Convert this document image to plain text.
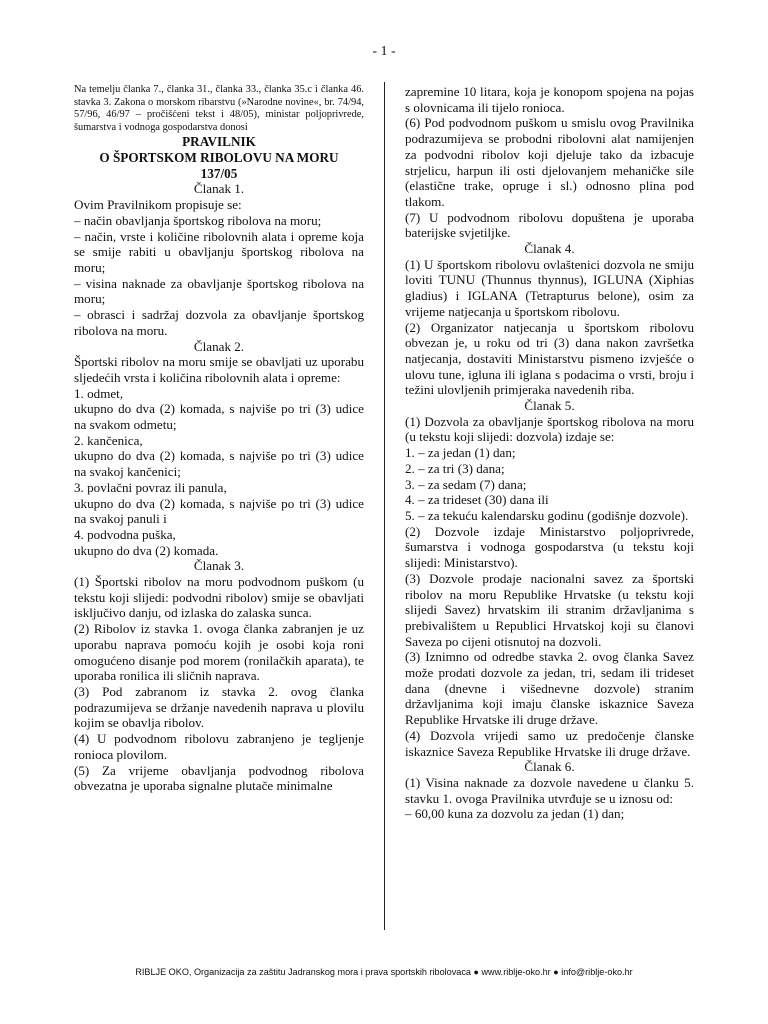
- 1 -

Na temelju članka 7., članka 31., članka 33., članka 35.c i članka 46. stavka 3. Zakona o morskom ribarstvu (»Narodne novine«, br. 74/94, 57/96, 46/97 – pročišćeni tekst i 48/05), ministar poljoprivrede, šumarstva i vodnoga gospodarstva donosi

PRAVILNIK

O ŠPORTSKOM RIBOLOVU NA MORU

137/05

Članak 1.

Ovim Pravilnikom propisuje se:

– način obavljanja športskog ribolova na moru;

– način, vrste i količine ribolovnih alata i opreme koja se smije rabiti u obavljanju športskog ribolova na moru;

– visina naknade za obavljanje športskog ribolova na moru;

– obrasci i sadržaj dozvola za obavljanje športskog ribolova na moru.

Članak 2.

Športski ribolov na moru smije se obavljati uz uporabu sljedećih vrsta i količina ribolovnih alata i opreme:

1. odmet,

ukupno do dva (2) komada, s najviše po tri (3) udice na svakom odmetu;

2. kančenica,

ukupno do dva (2) komada, s najviše po tri (3) udice na svakoj kančenici;

3. povlačni povraz ili panula,

ukupno do dva (2) komada, s najviše po tri (3) udice na svakoj panuli i

4. podvodna puška,

ukupno do dva (2) komada.

Članak 3.

(1) Športski ribolov na moru podvodnom puškom (u tekstu koji slijedi: podvodni ribolov) smije se obavljati isključivo danju, od izlaska do zalaska sunca.

(2) Ribolov iz stavka 1. ovoga članka zabranjen je uz uporabu naprava pomoću kojih je osobi koja roni omogućeno disanje pod morem (ronilačkih aparata), te uporaba ronilica ili sličnih naprava.

(3) Pod zabranom iz stavka 2. ovog članka podrazumijeva se držanje navedenih naprava u plovilu kojim se obavlja ribolov.

(4) U podvodnom ribolovu zabranjeno je tegljenje ronioca plovilom.

(5) Za vrijeme obavljanja podvodnog ribolova obvezatna je uporaba signalne plutače minimalne

zapremine 10 litara, koja je konopom spojena na pojas s olovnicama ili tijelo ronioca.

(6) Pod podvodnom puškom u smislu ovog Pravilnika podrazumijeva se probodni ribolovni alat namijenjen za podvodni ribolov koji djeluje tako da izbacuje strjelicu, harpun ili osti djelovanjem mehaničke sile (elastične trake, opruge i sl.) odnosno plina pod tlakom.

(7) U podvodnom ribolovu dopuštena je uporaba baterijske svjetiljke.

Članak 4.

(1) U športskom ribolovu ovlaštenici dozvola ne smiju loviti TUNU (Thunnus thynnus), IGLUNA (Xiphias gladius) i IGLANA (Tetrapturus belone), osim za vrijeme natjecanja u športskom ribolovu.

(2) Organizator natjecanja u športskom ribolovu obvezan je, u roku od tri (3) dana nakon završetka natjecanja, dostaviti Ministarstvu pismeno izvješće o ulovu tune, igluna ili iglana s podacima o vrsti, broju i težini ulovljenih primjeraka navedenih riba.

Članak 5.

(1) Dozvola za obavljanje športskog ribolova na moru (u tekstu koji slijedi: dozvola) izdaje se:

1. – za jedan (1) dan;

2. – za tri (3) dana;

3. – za sedam (7) dana;

4. – za trideset (30) dana ili

5. – za tekuću kalendarsku godinu (godišnje dozvole).

(2) Dozvole izdaje Ministarstvo poljoprivrede, šumarstva i vodnoga gospodarstva (u tekstu koji slijedi: Ministarstvo).

(3) Dozvole prodaje nacionalni savez za športski ribolov na moru Republike Hrvatske (u tekstu koji slijedi Savez) hrvatskim ili stranim državljanima s prebivalištem u Republici Hrvatskoj koji su članovi Saveza po cijeni otisnutoj na dozvoli.

(3) Iznimno od odredbe stavka 2. ovog članka Savez može prodati dozvole za jedan, tri, sedam ili trideset dana (dnevne i višednevne dozvole) stranim državljanima koji imaju članske iskaznice Saveza Republike Hrvatske ili druge države.

(4) Dozvola vrijedi samo uz predočenje članske iskaznice Saveza Republike Hrvatske ili druge države.

Članak 6.

(1) Visina naknade za dozvole navedene u članku 5. stavku 1. ovoga Pravilnika utvrđuje se u iznosu od:

– 60,00 kuna za dozvolu za jedan (1) dan;

RIBLJE OKO, Organizacija za zaštitu Jadranskog mora i prava sportskih ribolovaca ● www.riblje-oko.hr ● info@riblje-oko.hr
